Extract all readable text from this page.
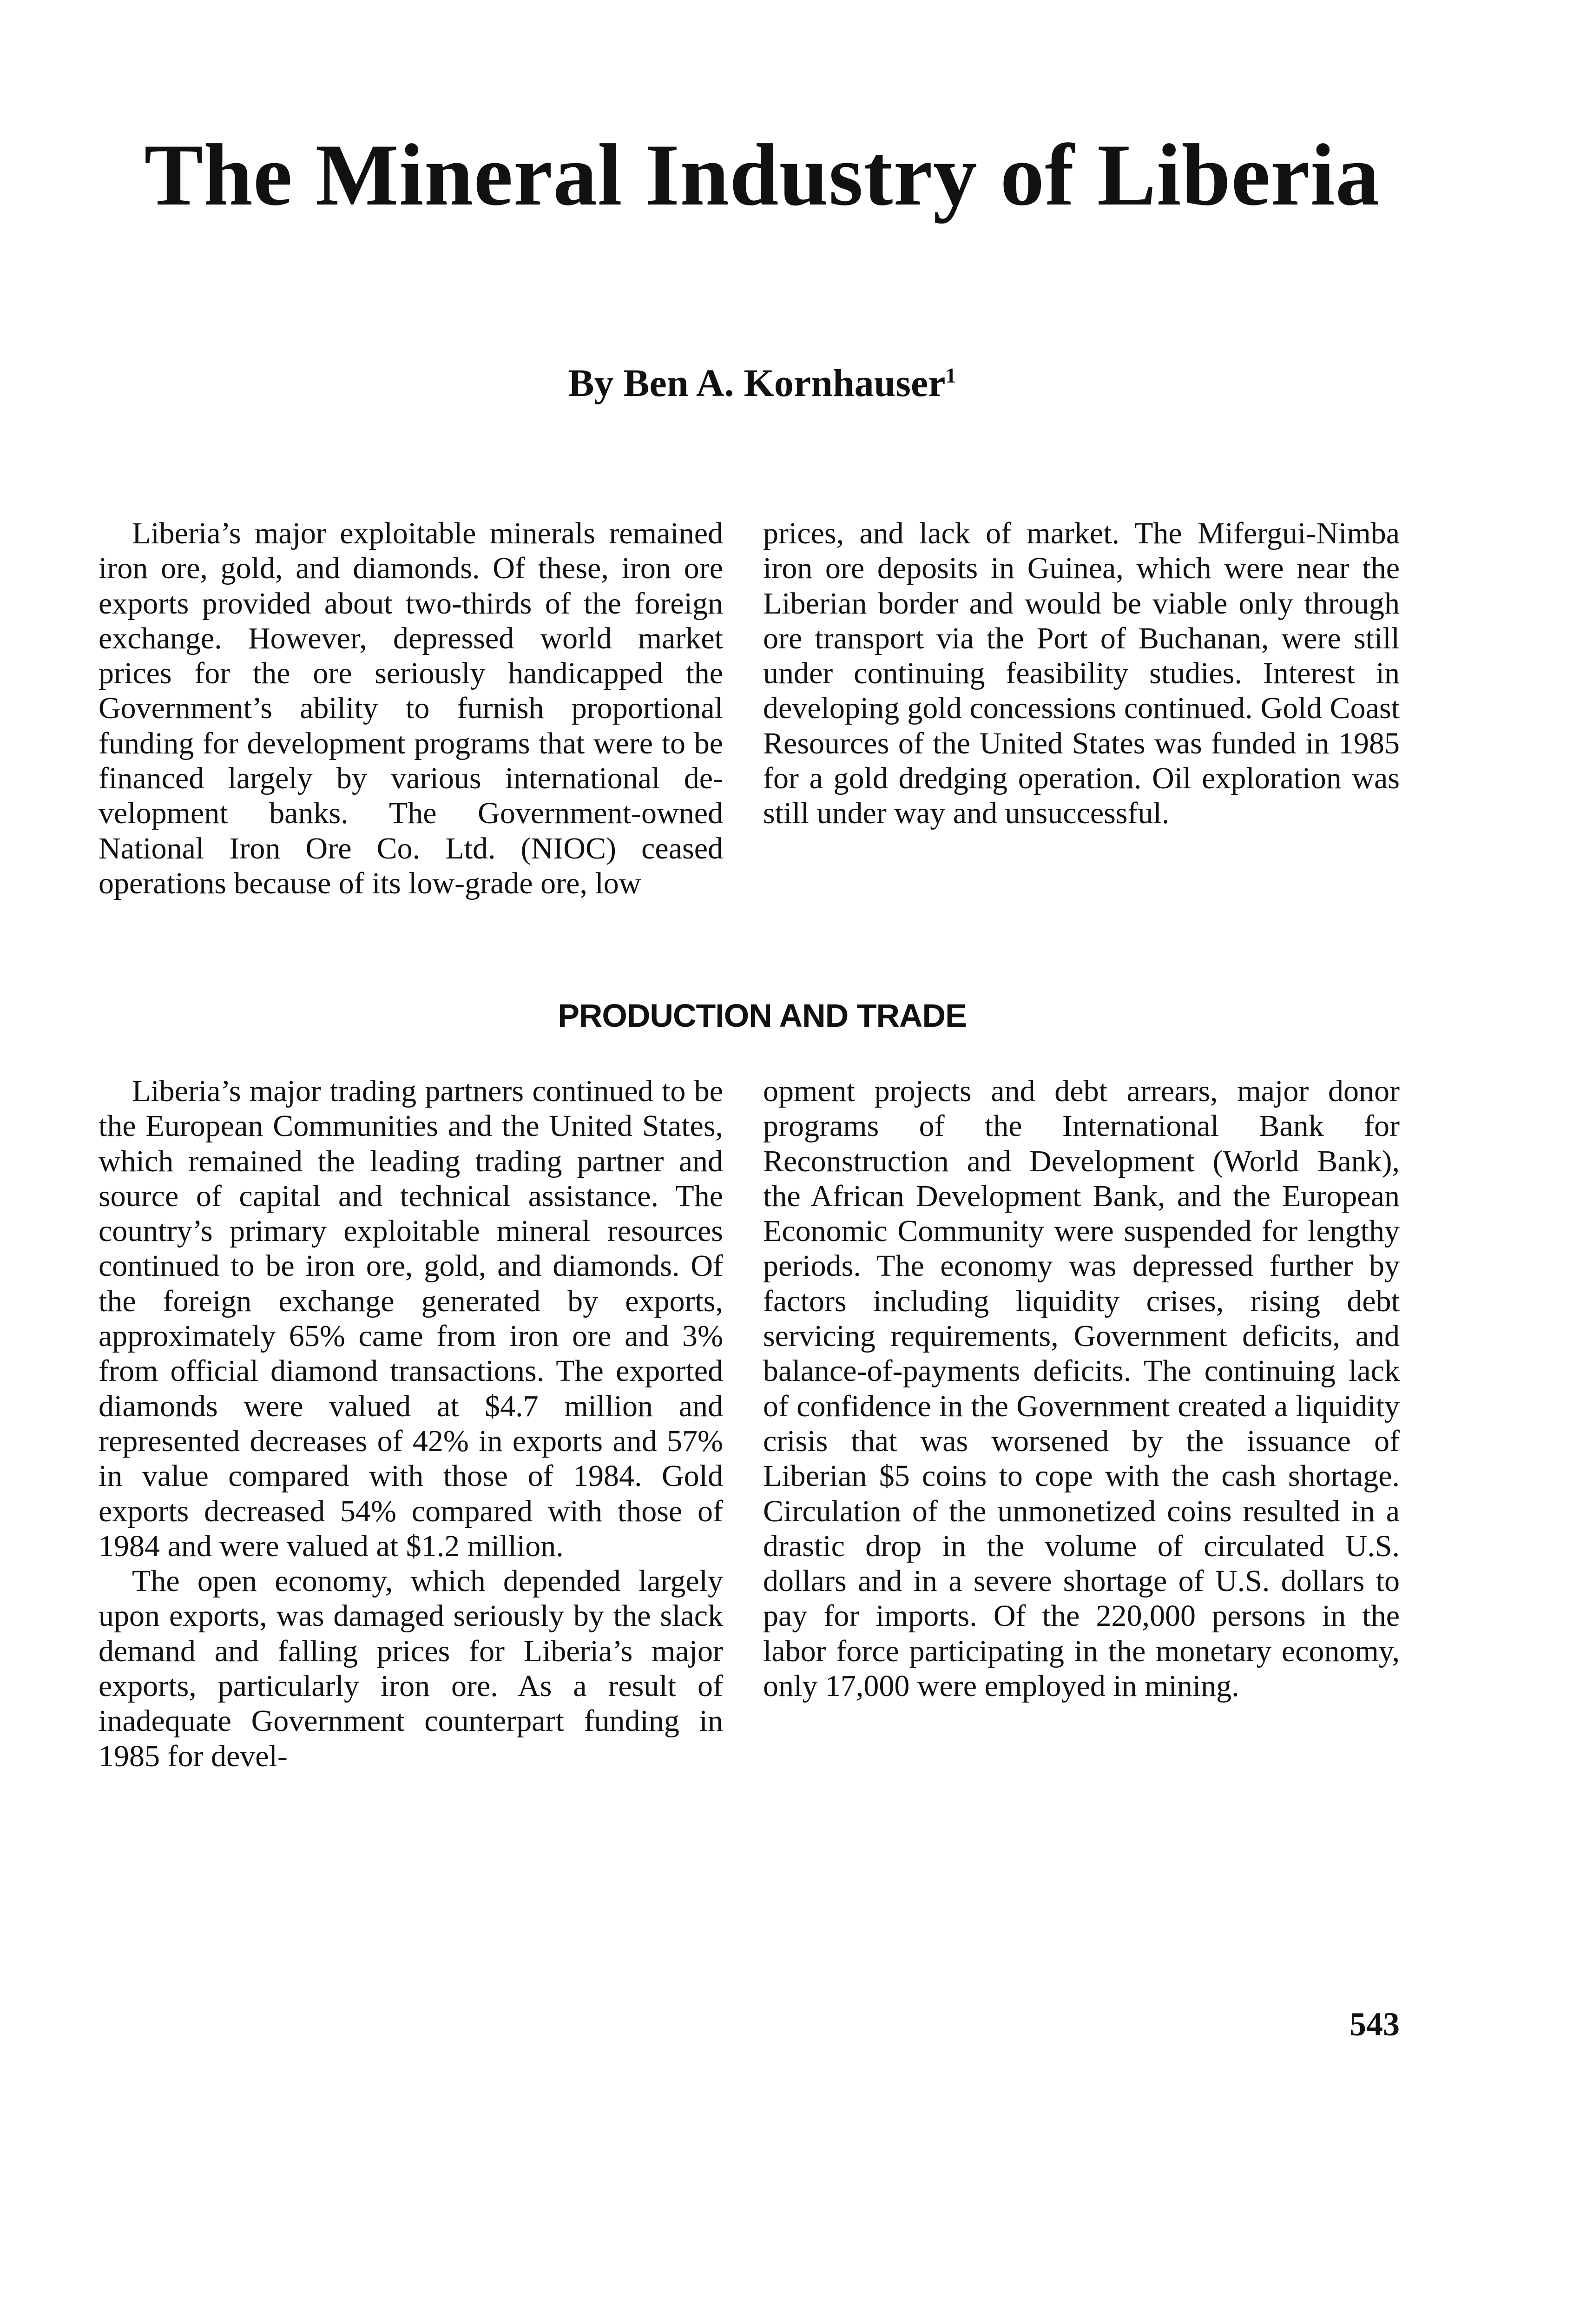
The Mineral Industry of Liberia

By Ben A. Kornhauser$^1$

Liberia’s major exploitable minerals remained iron ore, gold, and diamonds. Of these, iron ore exports provided about two-thirds of the foreign exchange. However, depressed world market prices for the ore seriously handicapped the Government’s ability to furnish proportional funding for development programs that were to be financed largely by various international development banks. The Government-owned National Iron Ore Co. Ltd. (NIOC) ceased operations because of its low-grade ore, low

prices, and lack of market. The Mifergui-Nimba iron ore deposits in Guinea, which were near the Liberian border and would be viable only through ore transport via the Port of Buchanan, were still under continuing feasibility studies. Interest in developing gold concessions continued. Gold Coast Resources of the United States was funded in 1985 for a gold dredging operation. Oil exploration was still under way and unsuccessful.

PRODUCTION AND TRADE

Liberia’s major trading partners continued to be the European Communities and the United States, which remained the leading trading partner and source of capital and technical assistance. The country’s primary exploitable mineral resources continued to be iron ore, gold, and diamonds. Of the foreign exchange generated by exports, approximately 65% came from iron ore and 3% from official diamond transactions. The exported diamonds were valued at $4.7 million and represented decreases of 42% in exports and 57% in value compared with those of 1984. Gold exports decreased 54% compared with those of 1984 and were valued at $1.2 million.

The open economy, which depended largely upon exports, was damaged seriously by the slack demand and falling prices for Liberia’s major exports, particularly iron ore. As a result of inadequate Government counterpart funding in 1985 for devel-

opment projects and debt arrears, major donor programs of the International Bank for Reconstruction and Development (World Bank), the African Development Bank, and the European Economic Community were suspended for lengthy periods. The economy was depressed further by factors including liquidity crises, rising debt servicing requirements, Government deficits, and balance-of-payments deficits. The continuing lack of confidence in the Government created a liquidity crisis that was worsened by the issuance of Liberian $5 coins to cope with the cash shortage. Circulation of the unmonetized coins resulted in a drastic drop in the volume of circulated U.S. dollars and in a severe shortage of U.S. dollars to pay for imports. Of the 220,000 persons in the labor force participating in the monetary economy, only 17,000 were employed in mining.

543
